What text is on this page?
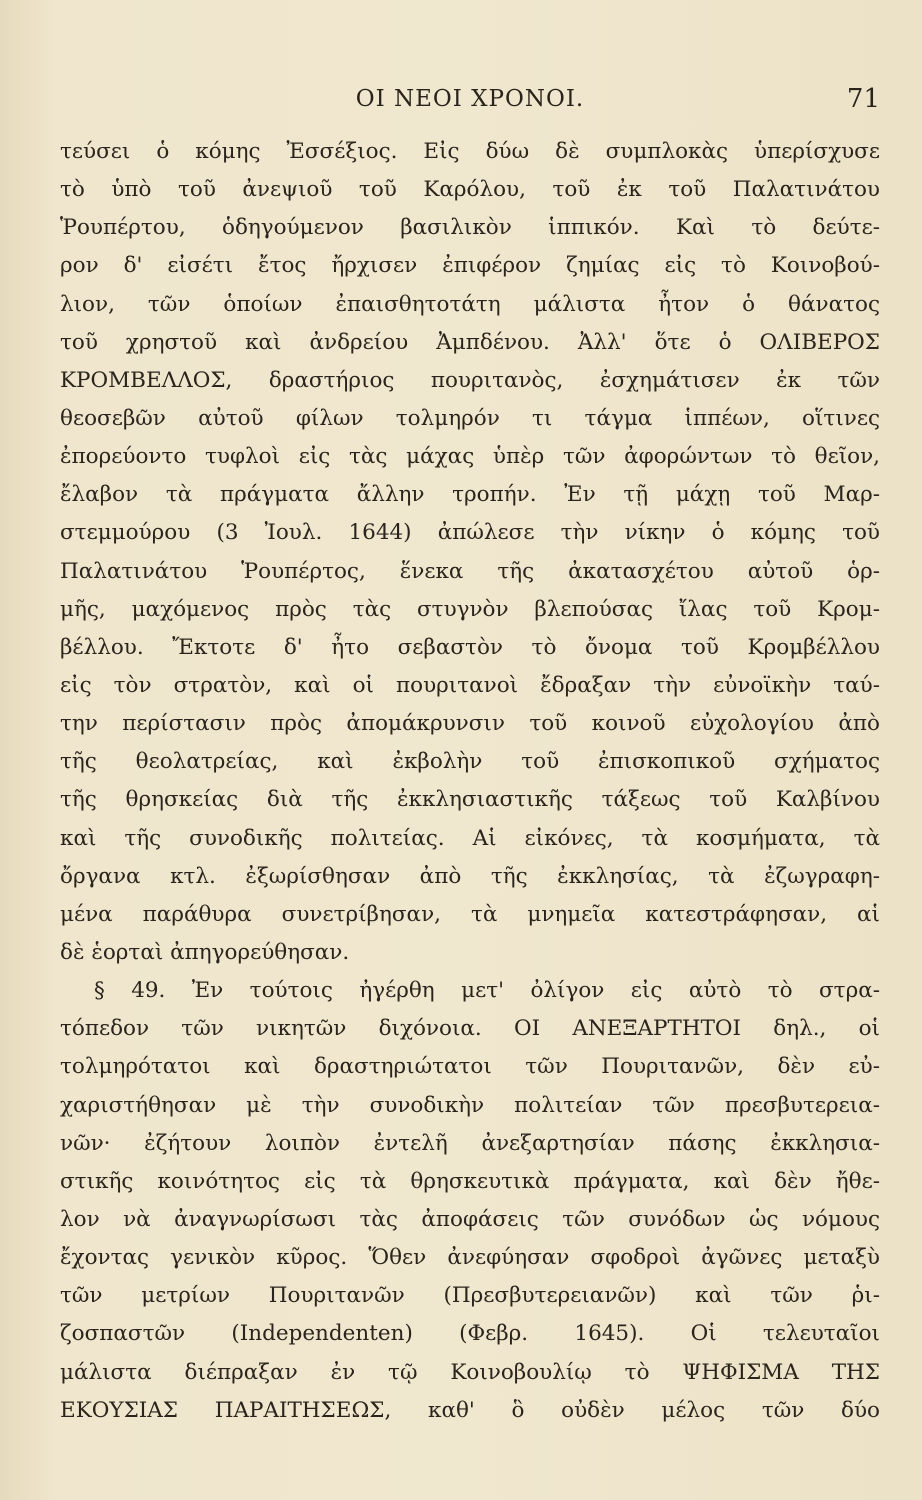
ΟΙ ΝΕΟΙ ΧΡΟΝΟΙ.	71
τεύσει ὁ κόμης Ἐσσέξιος. Εἰς δύω δὲ συμπλοκὰς ὑπερίσχυσε
τὸ ὑπὸ τοῦ ἀνεψιοῦ τοῦ Καρόλου, τοῦ ἐκ τοῦ Παλατινάτου
Ῥουπέρτου, ὁδηγούμενον βασιλικὸν ἱππικόν. Καὶ τὸ δεύτε-
ρον δ' εἰσέτι ἔτος ἤρχισεν ἐπιφέρον ζημίας εἰς τὸ Κοινοβού-
λιον, τῶν ὁποίων ἐπαισθητοτάτη μάλιστα ἦτον ὁ θάνατος
τοῦ χρηστοῦ καὶ ἀνδρείου Ἀμπδένου. Ἀλλ' ὅτε ὁ ΟΛΙΒΕΡΟΣ
ΚΡΟΜΒΕΛΛΟΣ, δραστήριος πουριτανὸς, ἐσχημάτισεν ἐκ τῶν
θεοσεβῶν αὐτοῦ φίλων τολμηρόν τι τάγμα ἱππέων, οἵτινες
ἐπορεύοντο τυφλοὶ εἰς τὰς μάχας ὑπὲρ τῶν ἀφορώντων τὸ θεῖον,
ἔλαβον τὰ πράγματα ἄλλην τροπήν. Ἐν τῇ μάχῃ τοῦ Μαρ-
στεμμούρου (3 Ἰουλ. 1644) ἀπώλεσε τὴν νίκην ὁ κόμης τοῦ
Παλατινάτου Ῥουπέρτος, ἕνεκα τῆς ἀκατασχέτου αὐτοῦ ὁρ-
μῆς, μαχόμενος πρὸς τὰς στυγνὸν βλεπούσας ἴλας τοῦ Κρομ-
βέλλου. Ἔκτοτε δ' ἦτο σεβαστὸν τὸ ὄνομα τοῦ Κρομβέλλου
εἰς τὸν στρατὸν, καὶ οἱ πουριτανοὶ ἔδραξαν τὴν εὐνοϊκὴν ταύ-
την περίστασιν πρὸς ἀπομάκρυνσιν τοῦ κοινοῦ εὐχολογίου ἀπὸ
τῆς θεολατρείας, καὶ ἐκβολὴν τοῦ ἐπισκοπικοῦ σχήματος
τῆς θρησκείας διὰ τῆς ἐκκλησιαστικῆς τάξεως τοῦ Καλβίνου
καὶ τῆς συνοδικῆς πολιτείας. Αἱ εἰκόνες, τὰ κοσμήματα, τὰ
ὄργανα κτλ. ἐξωρίσθησαν ἀπὸ τῆς ἐκκλησίας, τὰ ἐζωγραφη-
μένα παράθυρα συνετρίβησαν, τὰ μνημεῖα κατεστράφησαν, αἱ
δὲ ἑορταὶ ἀπηγορεύθησαν.
§ 49. Ἐν τούτοις ἠγέρθη μετ' ὀλίγον εἰς αὐτὸ τὸ στρα-
τόπεδον τῶν νικητῶν διχόνοια. ΟΙ ΑΝΕΞΑΡΤΗΤΟΙ δηλ., οἱ
τολμηρότατοι καὶ δραστηριώτατοι τῶν Πουριτανῶν, δὲν εὐ-
χαριστήθησαν μὲ τὴν συνοδικὴν πολιτείαν τῶν πρεσβυτερεια-
νῶν· ἐζήτουν λοιπὸν ἐντελῆ ἀνεξαρτησίαν πάσης ἐκκλησια-
στικῆς κοινότητος εἰς τὰ θρησκευτικὰ πράγματα, καὶ δὲν ἤθε-
λον νὰ ἀναγνωρίσωσι τὰς ἀποφάσεις τῶν συνόδων ὡς νόμους
ἔχοντας γενικὸν κῦρος. Ὅθεν ἀνεφύησαν σφοδροὶ ἀγῶνες μεταξὺ
τῶν μετρίων Πουριτανῶν (Πρεσβυτερειανῶν) καὶ τῶν ῥι-
ζοσπαστῶν (Independenten) (Φεβρ. 1645). Οἱ τελευταῖοι
μάλιστα διέπραξαν ἐν τῷ Κοινοβουλίῳ τὸ ΨΗΦΙΣΜΑ ΤΗΣ
ΕΚΟΥΣΙΑΣ ΠΑΡΑΙΤΗΣΕΩΣ, καθ' ὃ οὐδὲν μέλος τῶν δύο
